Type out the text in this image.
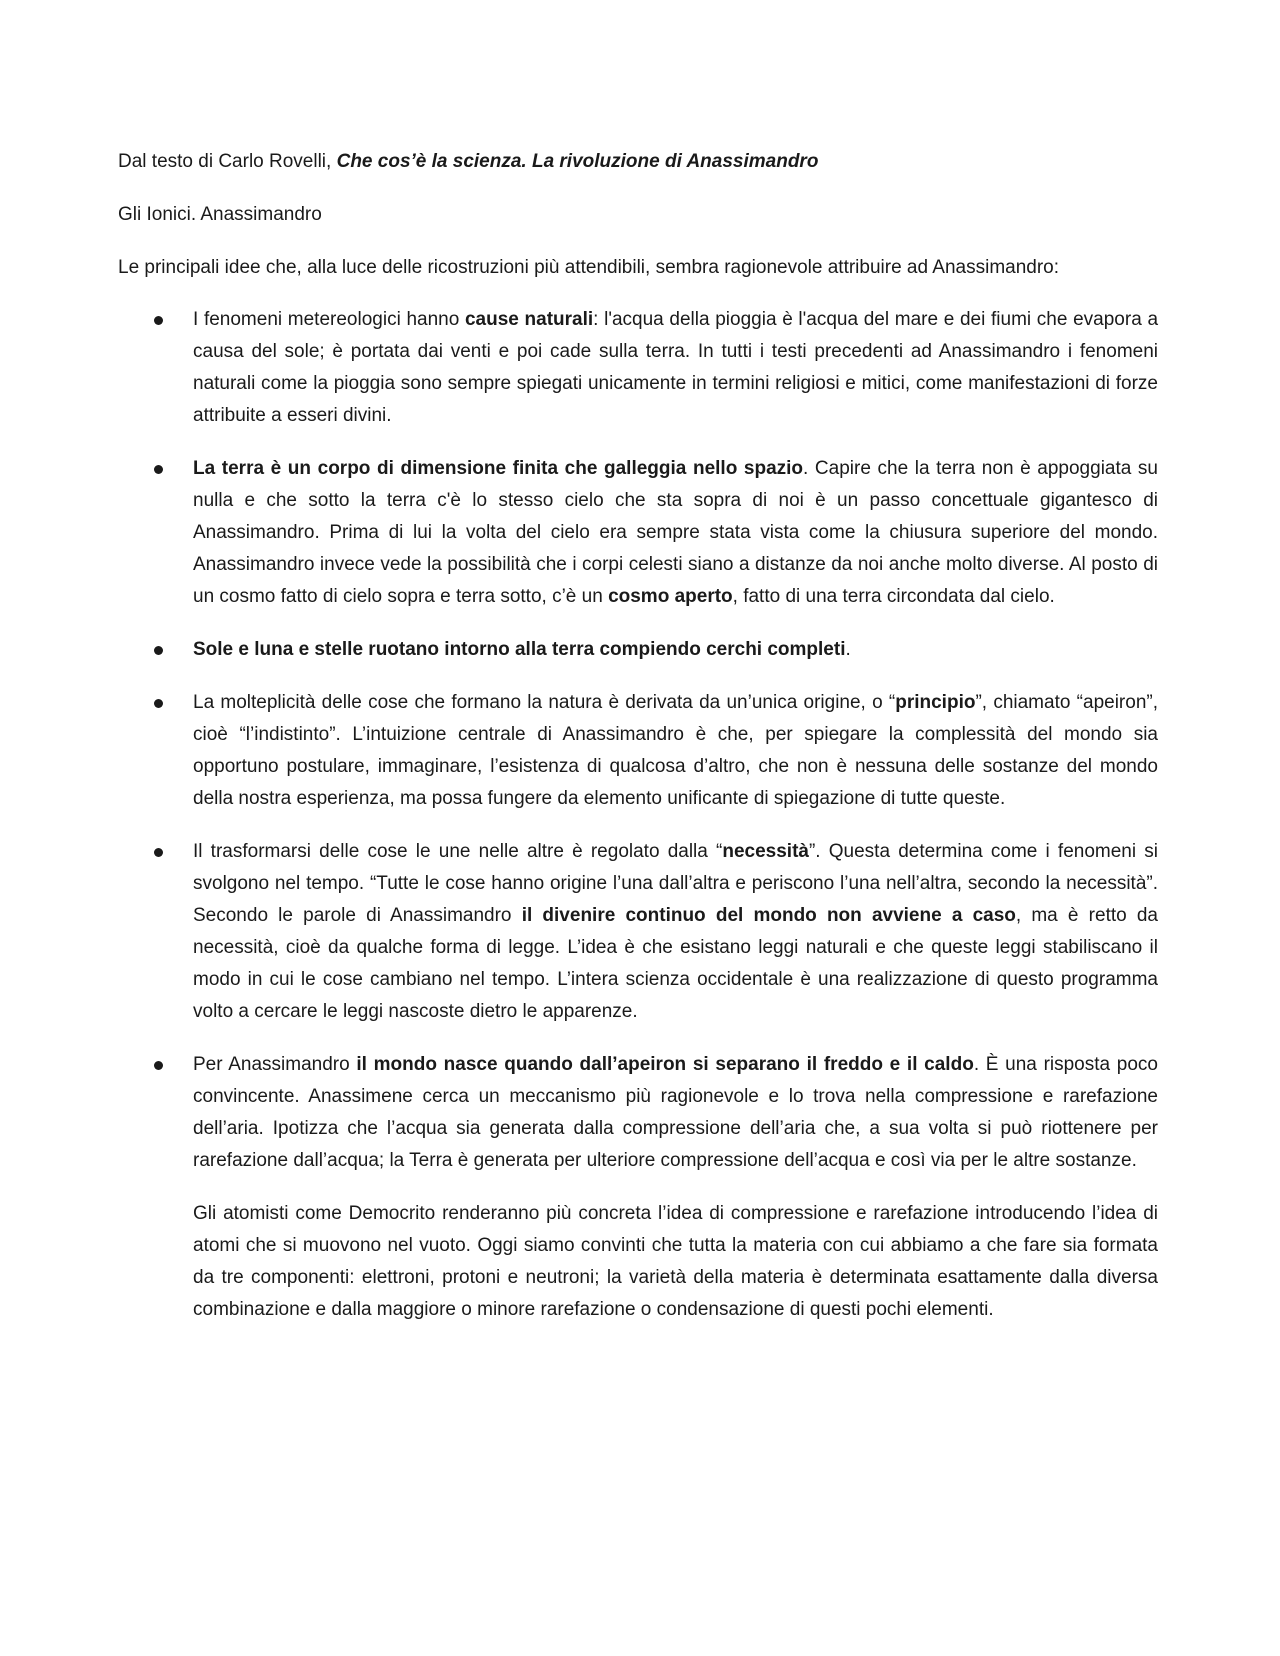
Dal testo di Carlo Rovelli, Che cos’è la scienza. La rivoluzione di Anassimandro

Gli Ionici. Anassimandro

Le principali idee che, alla luce delle ricostruzioni più attendibili, sembra ragionevole attribuire ad Anassimandro:

I fenomeni metereologici hanno cause naturali: l'acqua della pioggia è l'acqua del mare e dei fiumi che evapora a causa del sole; è portata dai venti e poi cade sulla terra. In tutti i testi precedenti ad Anassimandro i fenomeni naturali come la pioggia sono sempre spiegati unicamente in termini religiosi e mitici, come manifestazioni di forze attribuite a esseri divini.

La terra è un corpo di dimensione finita che galleggia nello spazio. Capire che la terra non è appoggiata su nulla e che sotto la terra c'è lo stesso cielo che sta sopra di noi è un passo concettuale gigantesco di Anassimandro. Prima di lui la volta del cielo era sempre stata vista come la chiusura superiore del mondo. Anassimandro invece vede la possibilità che i corpi celesti siano a distanze da noi anche molto diverse. Al posto di un cosmo fatto di cielo sopra e terra sotto, c’è un cosmo aperto, fatto di una terra circondata dal cielo.

Sole e luna e stelle ruotano intorno alla terra compiendo cerchi completi.

La molteplicità delle cose che formano la natura è derivata da un’unica origine, o “principio”, chiamato “apeiron”, cioè “l’indistinto”. L’intuizione centrale di Anassimandro è che, per spiegare la complessità del mondo sia opportuno postulare, immaginare, l’esistenza di qualcosa d’altro, che non è nessuna delle sostanze del mondo della nostra esperienza, ma possa fungere da elemento unificante di spiegazione di tutte queste.

Il trasformarsi delle cose le une nelle altre è regolato dalla “necessità”. Questa determina come i fenomeni si svolgono nel tempo. “Tutte le cose hanno origine l’una dall’altra e periscono l’una nell’altra, secondo la necessità”. Secondo le parole di Anassimandro il divenire continuo del mondo non avviene a caso, ma è retto da necessità, cioè da qualche forma di legge. L’idea è che esistano leggi naturali e che queste leggi stabiliscano il modo in cui le cose cambiano nel tempo. L’intera scienza occidentale è una realizzazione di questo programma volto a cercare le leggi nascoste dietro le apparenze.

Per Anassimandro il mondo nasce quando dall’apeiron si separano il freddo e il caldo. È una risposta poco convincente. Anassimene cerca un meccanismo più ragionevole e lo trova nella compressione e rarefazione dell’aria. Ipotizza che l’acqua sia generata dalla compressione dell’aria che, a sua volta si può riottenere per rarefazione dall’acqua; la Terra è generata per ulteriore compressione dell’acqua e così via per le altre sostanze.

Gli atomisti come Democrito renderanno più concreta l’idea di compressione e rarefazione introducendo l’idea di atomi che si muovono nel vuoto. Oggi siamo convinti che tutta la materia con cui abbiamo a che fare sia formata da tre componenti: elettroni, protoni e neutroni; la varietà della materia è determinata esattamente dalla diversa combinazione e dalla maggiore o minore rarefazione o condensazione di questi pochi elementi.
